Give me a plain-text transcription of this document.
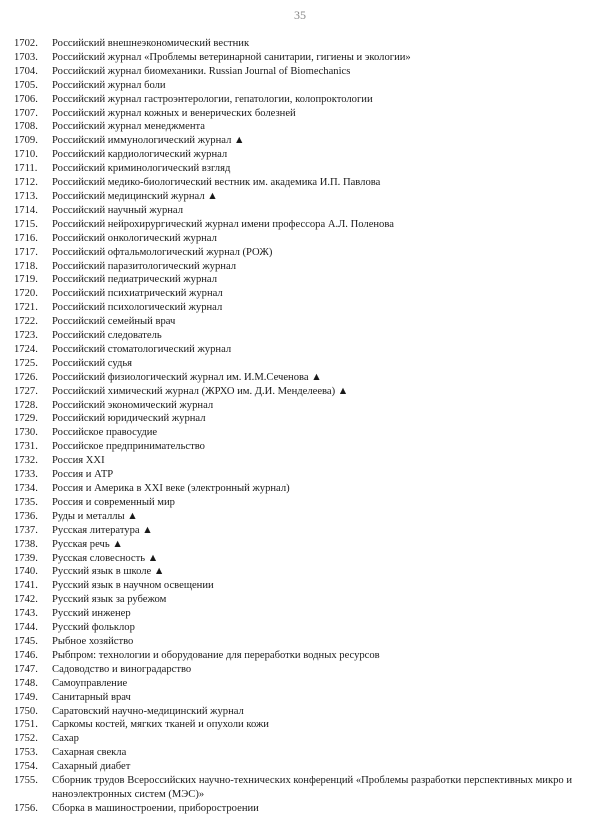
35
1702.	Российский внешнеэкономический вестник
1703.	Российский журнал «Проблемы ветеринарной санитарии, гигиены и экологии»
1704.	Российский журнал биомеханики. Russian Journal of Biomechanics
1705.	Российский журнал боли
1706.	Российский журнал гастроэнтерологии, гепатологии, колопроктологии
1707.	Российский журнал кожных и венерических болезней
1708.	Российский журнал менеджмента
1709.	Российский иммунологический журнал ▲
1710.	Российский кардиологический журнал
1711.	Российский криминологический взгляд
1712.	Российский медико-биологический вестник им. академика И.П. Павлова
1713.	Российский медицинский журнал ▲
1714.	Российский научный журнал
1715.	Российский нейрохирургический журнал имени профессора А.Л. Поленова
1716.	Российский онкологический журнал
1717.	Российский офтальмологический журнал (РОЖ)
1718.	Российский паразитологический журнал
1719.	Российский педиатрический журнал
1720.	Российский психиатрический журнал
1721.	Российский психологический журнал
1722.	Российский семейный врач
1723.	Российский следователь
1724.	Российский стоматологический журнал
1725.	Российский судья
1726.	Российский физиологический журнал им. И.М.Сеченова ▲
1727.	Российский химический журнал (ЖРХО им. Д.И. Менделеева) ▲
1728.	Российский экономический журнал
1729.	Российский юридический журнал
1730.	Российское правосудие
1731.	Российское предпринимательство
1732.	Россия XXI
1733.	Россия и АТР
1734.	Россия и Америка в XXI веке (электронный журнал)
1735.	Россия и современный мир
1736.	Руды и металлы ▲
1737.	Русская литература ▲
1738.	Русская речь ▲
1739.	Русская словесность ▲
1740.	Русский язык в школе ▲
1741.	Русский язык в научном освещении
1742.	Русский язык за рубежом
1743.	Русский инженер
1744.	Русский фольклор
1745.	Рыбное хозяйство
1746.	Рыбпром: технологии и оборудование для переработки водных ресурсов
1747.	Садоводство и виноградарство
1748.	Самоуправление
1749.	Санитарный врач
1750.	Саратовский научно-медицинский журнал
1751.	Саркомы костей, мягких тканей и опухоли кожи
1752.	Сахар
1753.	Сахарная свекла
1754.	Сахарный диабет
1755.	Сборник трудов Всероссийских научно-технических конференций «Проблемы разработки перспективных микро и наноэлектронных систем (МЭС)»
1756.	Сборка в машиностроении, приборостроении
